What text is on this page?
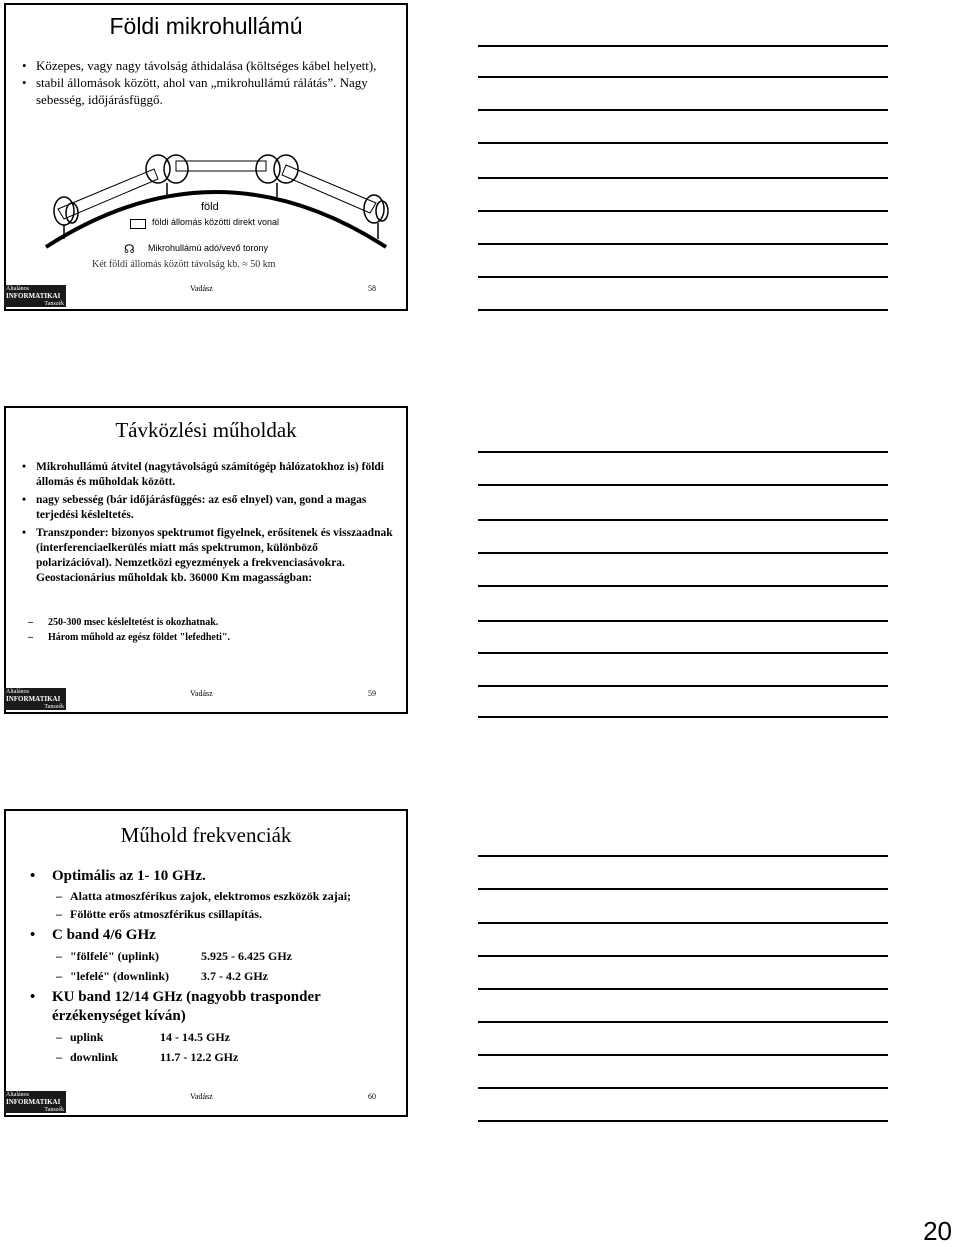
Földi mikrohullámú
• Közepes, vagy nagy távolság áthidalása (költséges kábel helyett),
• stabil állomások között, ahol van „mikrohullámú rálátás”. Nagy sebesség, időjárásfüggő.
föld
földi állomás közötti direkt vonal
☊ Mikrohullámú adó/vevő torony
Két földi állomás között távolság kb. ≈ 50 km
Vadász	58
Általános
INFORMATIKAI
Tanszék
Távközlési műholdak
• Mikrohullámú átvitel (nagytávolságú számítógép hálózatokhoz is) földi állomás és műholdak között.
• nagy sebesség (bár időjárásfüggés: az eső elnyel) van, gond a magas terjedési késleltetés.
• Transzponder: bizonyos spektrumot figyelnek, erősítenek és visszaadnak (interferenciaelkerülés miatt más spektrumon, különböző polarizációval). Nemzetközi egyezmények a frekvenciasávokra. Geostacionárius műholdak kb. 36000 Km magasságban:
– 250-300 msec késleltetést is okozhatnak.
– Három műhold az egész földet "lefedheti".
Vadász	59
Általános
INFORMATIKAI
Tanszék
Műhold frekvenciák
• Optimális az 1- 10 GHz.
– Alatta atmoszférikus zajok, elektromos eszközök zajai;
– Fölötte erős atmoszférikus csillapítás.
• C band 4/6 GHz
– "fölfelé" (uplink)	5.925 - 6.425 GHz
– "lefelé" (downlink)	3.7 - 4.2 GHz
• KU band 12/14 GHz (nagyobb trasponder érzékenységet kíván)
– uplink	14 - 14.5 GHz
– downlink	11.7 - 12.2 GHz
Vadász	60
Általános
INFORMATIKAI
Tanszék
20
